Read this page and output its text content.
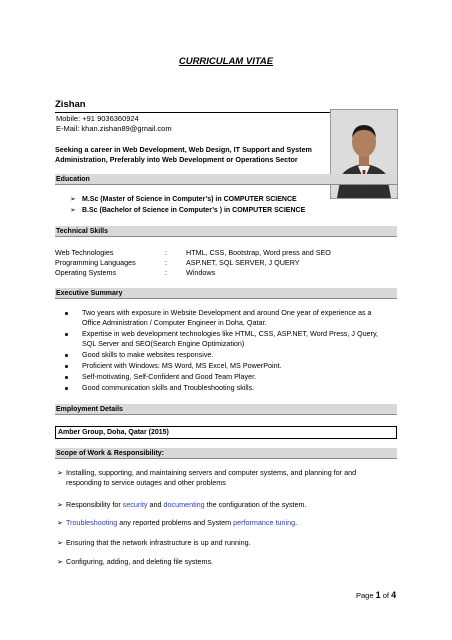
CURRICULAM VITAE
Zishan
Mobile: +91 9036360924
E-Mail: khan.zishan89@gmail.com
Seeking a career in Web Development, Web Design, IT Support and System
Administration, Preferably into Web Development or Operations Sector
Education
➢ M.Sc (Master of Science in Computer’s) in COMPUTER SCIENCE
➢ B.Sc (Bachelor of Science in Computer’s ) in COMPUTER SCIENCE
Technical Skills
Web Technologies	:	HTML, CSS, Bootstrap, Word press and SEO
Programming Languages	:	ASP.NET, SQL SERVER, J QUERY
Operating Systems	:	Windows
Executive Summary
Two years with exposure in Website Development and around One year of experience as a
Office Administration / Computer Engineer in Doha, Qatar.
Expertise in web development technologies like HTML, CSS, ASP.NET, Word Press, J Query,
SQL Server and SEO(Search Engine Optimization)
Good skills to make websites responsive.
Proficient with Windows: MS Word, MS Excel, MS PowerPoint.
Self-motivating, Self-Confident and Good Team Player.
Good communication skills and Troubleshooting skills.
Employment Details
Amber Group, Doha, Qatar (2015)
Scope of Work & Responsibility:
➢ Installing, supporting, and maintaining servers and computer systems, and planning for and
responding to service outages and other problems
➢ Responsibility for security and documenting the configuration of the system.
➢ Troubleshooting any reported problems and System performance tuning.
➢ Ensuring that the network infrastructure is up and running.
➢ Configuring, adding, and deleting file systems.
Page 1 of 4
